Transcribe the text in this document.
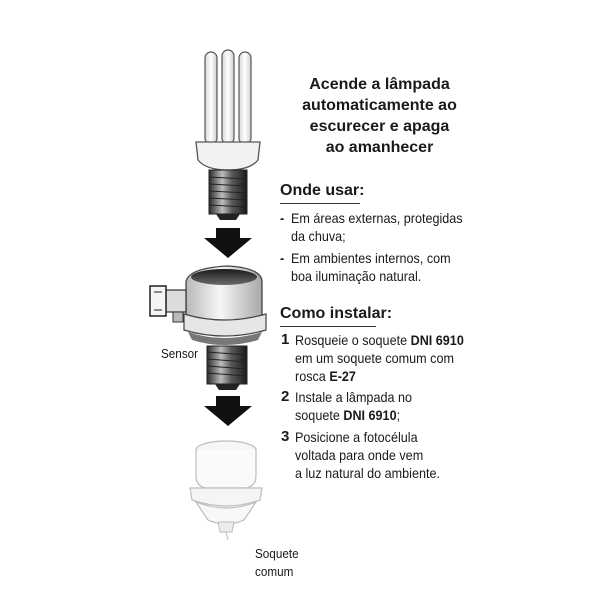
Sensor
Soquete
comum
Acende a lâmpada
automaticamente ao
escurecer e apaga
ao amanhecer
Onde usar:
- Em áreas externas, protegidas
da chuva;
- Em ambientes internos, com
boa iluminação natural.
Como instalar:
1 Rosqueie o soquete DNI 6910
em um soquete comum com
rosca E-27
2 Instale a lâmpada no
soquete DNI 6910;
3 Posicione a fotocélula
voltada para onde vem
a luz natural do ambiente.
